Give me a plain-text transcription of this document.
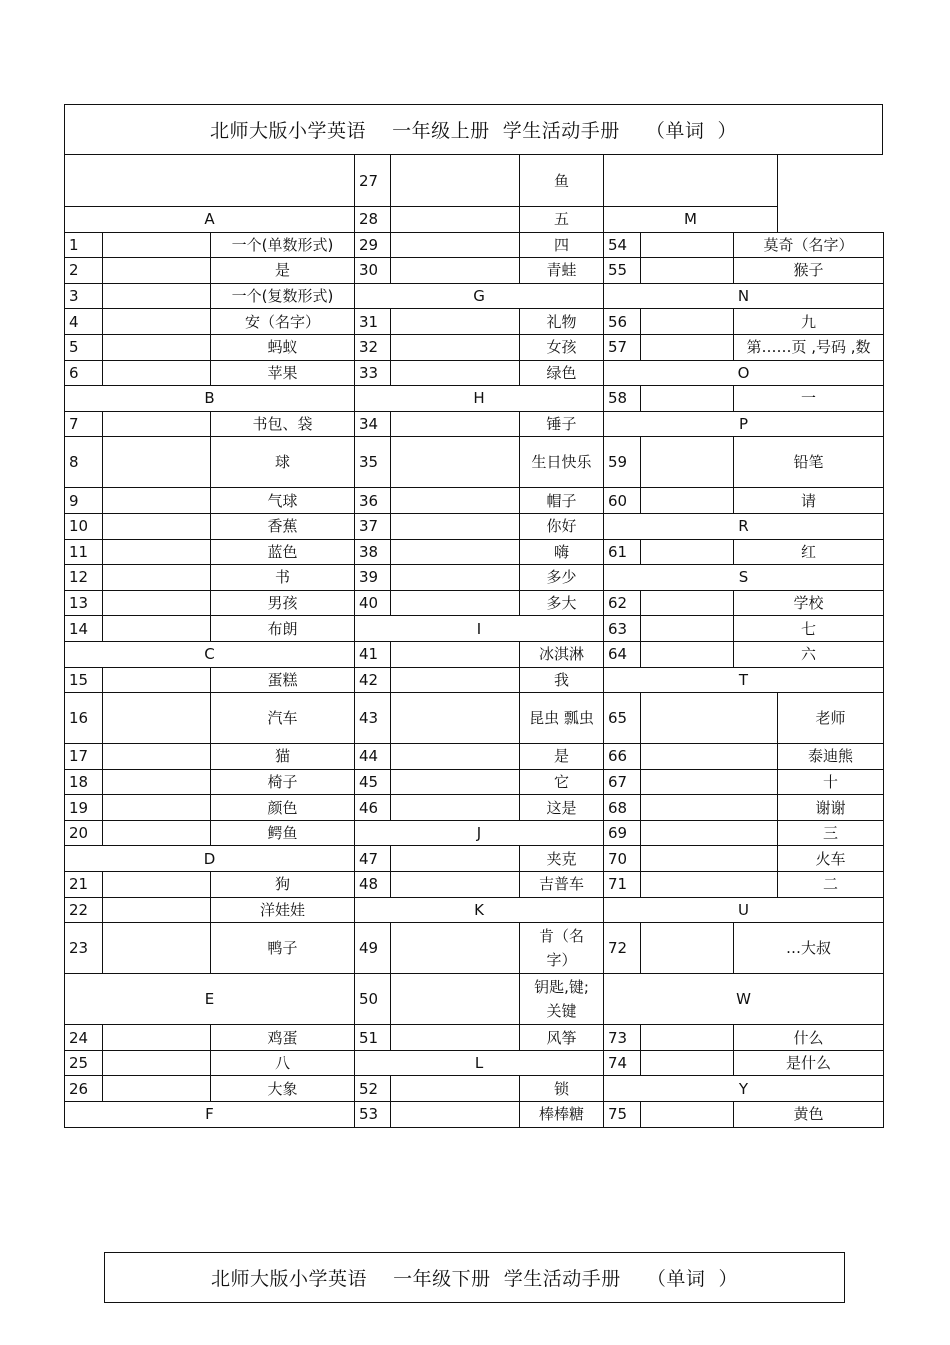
北师大版小学英语    一年级上册  学生活动手册    （单词  ）
			27		鱼				
A			28		五	M			
1		一个(单数形式)	29		四	54		莫奇（名字）	
2		是	30		青蛙	55		猴子	
3		一个(复数形式)	G			N			
4		安（名字）	31		礼物	56		九	
5		蚂蚁	32		女孩	57		第……页 ,号码 ,数	
6		苹果	33		绿色	O			
B			H			58		一	
7		书包、袋	34		锤子	P			
8		球	35		生日快乐	59		铅笔	
9		气球	36		帽子	60		请	
10		香蕉	37		你好	R			
11		蓝色	38		嗨	61		红	
12		书	39		多少	S			
13		男孩	40		多大	62		学校	
14		布朗	I			63		七	
C			41		冰淇淋	64		六	
15		蛋糕	42		我	T			
16		汽车	43		昆虫 瓢虫	65			老师
17		猫	44		是	66			泰迪熊
18		椅子	45		它	67			十
19		颜色	46		这是	68			谢谢
20		鳄鱼	J			69			三
D			47		夹克	70			火车
21		狗	48		吉普车	71			二
22		洋娃娃	K			U			
23		鸭子	49		肯（名字）	72		…大叔	
E			50		钥匙,键; 关键	W			
24		鸡蛋	51		风筝	73		什么	
25		八	L			74		是什么	
26		大象	52		锁	Y			
F			53		棒棒糖	75		黄色	
北师大版小学英语    一年级下册  学生活动手册    （单词  ）
